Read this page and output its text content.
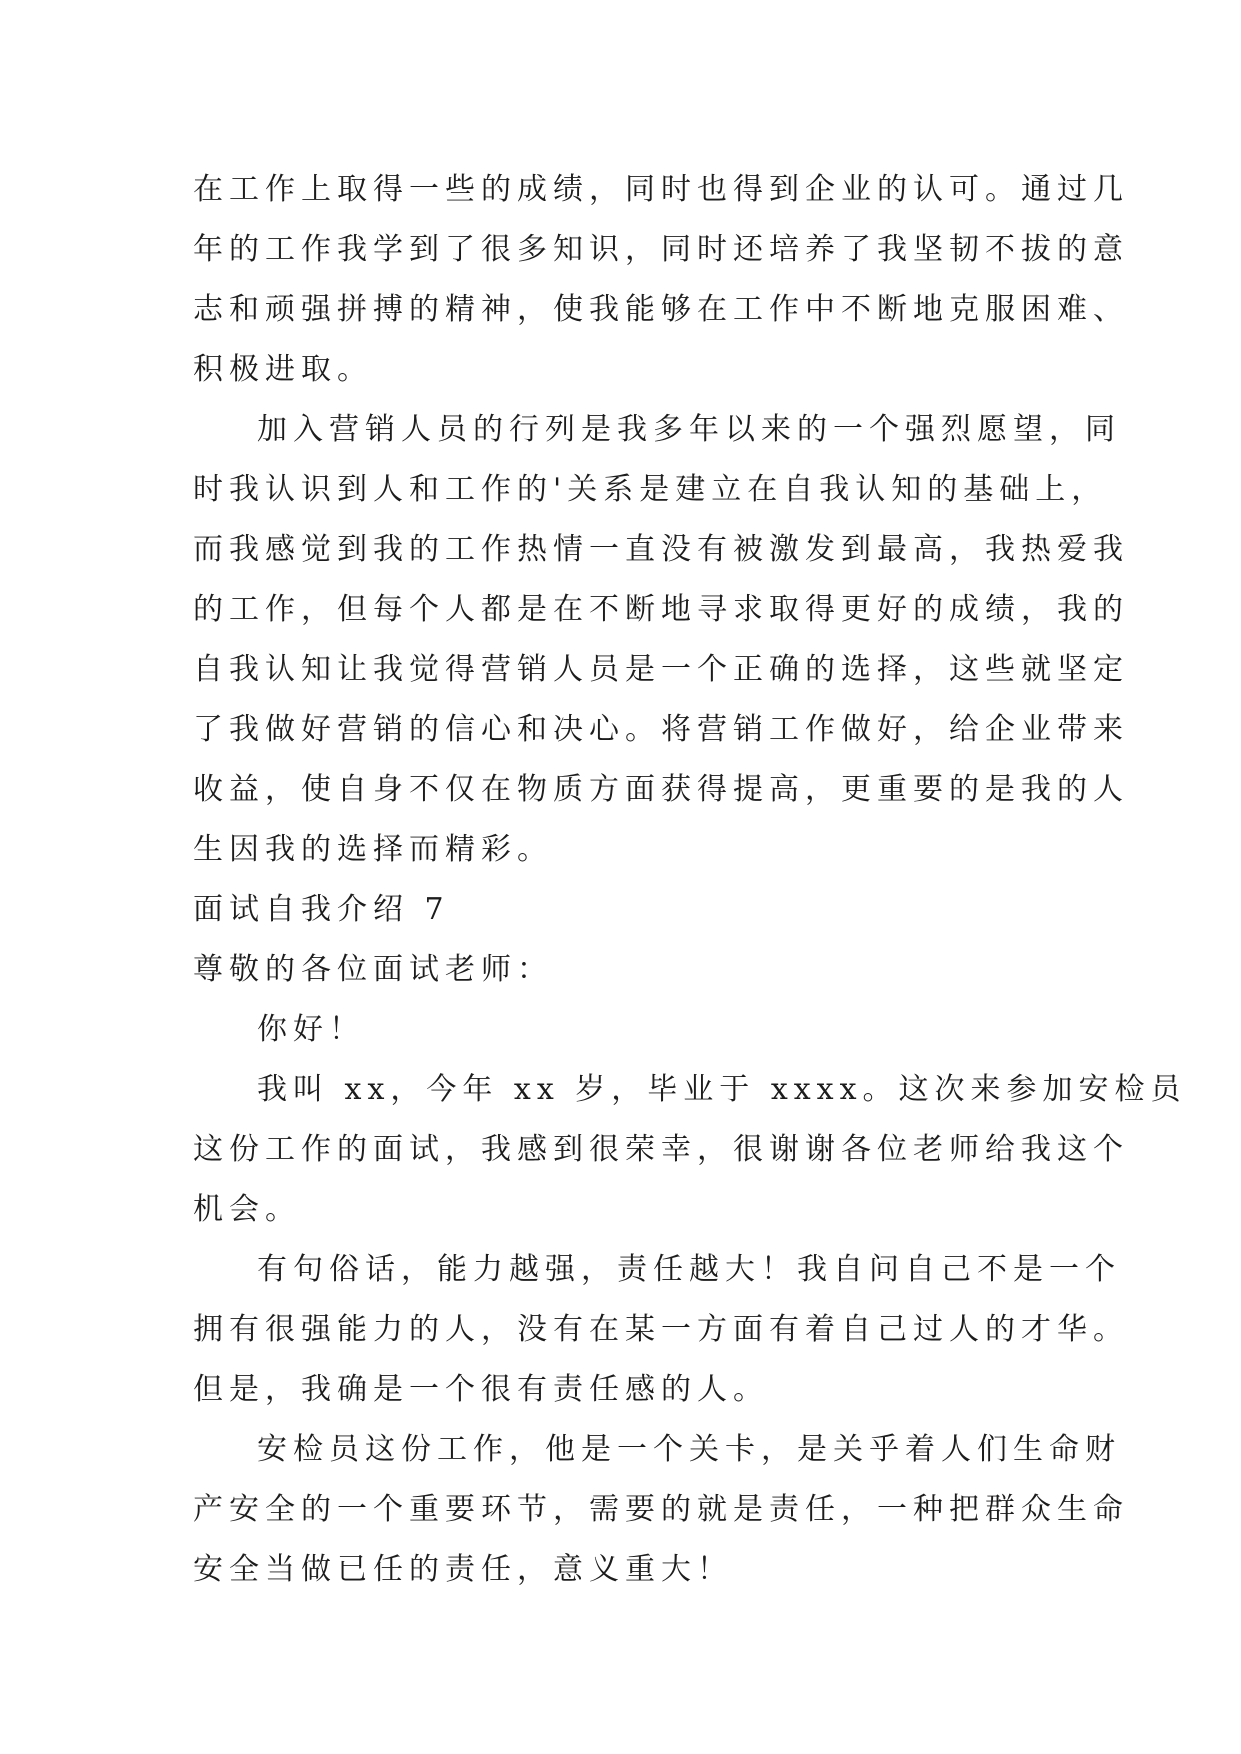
在工作上取得一些的成绩，同时也得到企业的认可。通过几
年的工作我学到了很多知识，同时还培养了我坚韧不拔的意
志和顽强拼搏的精神，使我能够在工作中不断地克服困难、
积极进取。
加入营销人员的行列是我多年以来的一个强烈愿望，同
时我认识到人和工作的'关系是建立在自我认知的基础上，
而我感觉到我的工作热情一直没有被激发到最高，我热爱我
的工作，但每个人都是在不断地寻求取得更好的成绩，我的
自我认知让我觉得营销人员是一个正确的选择，这些就坚定
了我做好营销的信心和决心。将营销工作做好，给企业带来
收益，使自身不仅在物质方面获得提高，更重要的是我的人
生因我的选择而精彩。
面试自我介绍 7
尊敬的各位面试老师：
你好！
我叫 xx，今年 xx 岁，毕业于 xxxx。这次来参加安检员
这份工作的面试，我感到很荣幸，很谢谢各位老师给我这个
机会。
有句俗话，能力越强，责任越大！我自问自己不是一个
拥有很强能力的人，没有在某一方面有着自己过人的才华。
但是，我确是一个很有责任感的人。
安检员这份工作，他是一个关卡，是关乎着人们生命财
产安全的一个重要环节，需要的就是责任，一种把群众生命
安全当做已任的责任，意义重大！
